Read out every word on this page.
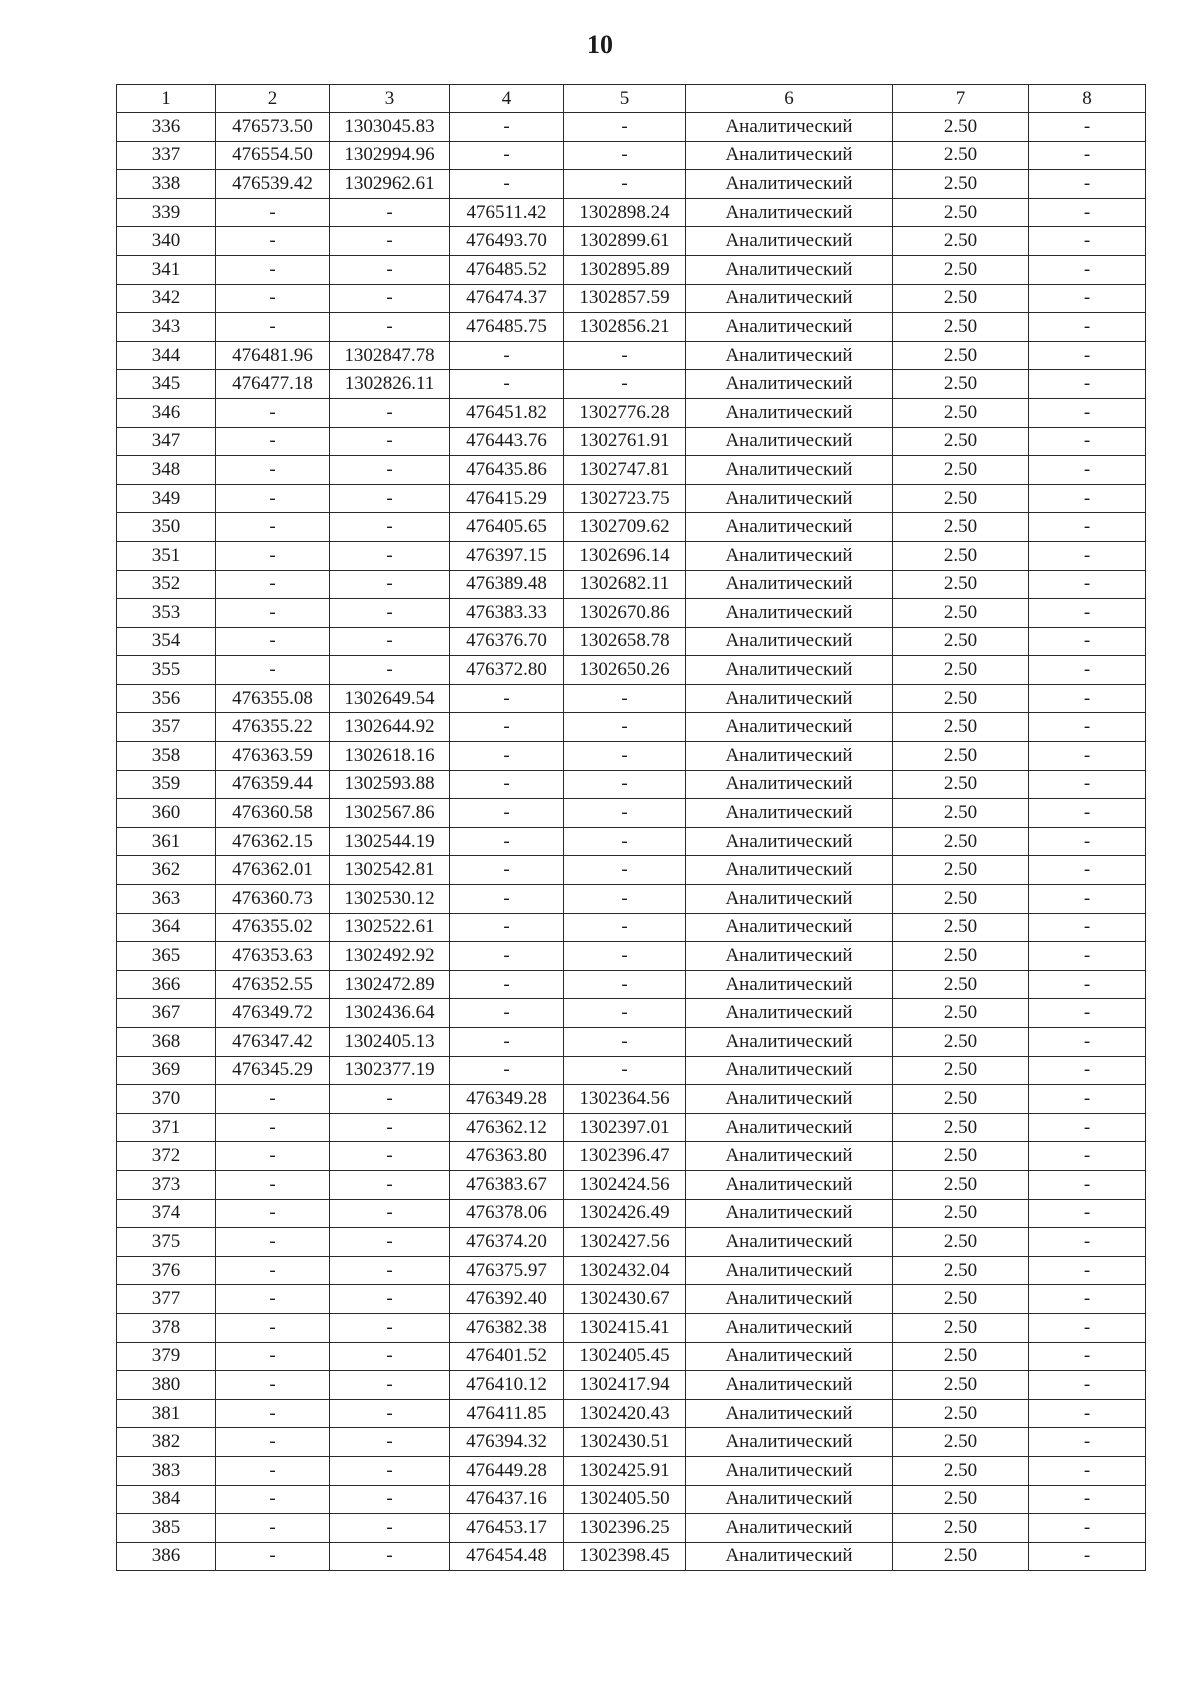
10
1	2	3	4	5	6	7	8
336	476573.50	1303045.83	-	-	Аналитический	2.50	-
337	476554.50	1302994.96	-	-	Аналитический	2.50	-
338	476539.42	1302962.61	-	-	Аналитический	2.50	-
339	-	-	476511.42	1302898.24	Аналитический	2.50	-
340	-	-	476493.70	1302899.61	Аналитический	2.50	-
341	-	-	476485.52	1302895.89	Аналитический	2.50	-
342	-	-	476474.37	1302857.59	Аналитический	2.50	-
343	-	-	476485.75	1302856.21	Аналитический	2.50	-
344	476481.96	1302847.78	-	-	Аналитический	2.50	-
345	476477.18	1302826.11	-	-	Аналитический	2.50	-
346	-	-	476451.82	1302776.28	Аналитический	2.50	-
347	-	-	476443.76	1302761.91	Аналитический	2.50	-
348	-	-	476435.86	1302747.81	Аналитический	2.50	-
349	-	-	476415.29	1302723.75	Аналитический	2.50	-
350	-	-	476405.65	1302709.62	Аналитический	2.50	-
351	-	-	476397.15	1302696.14	Аналитический	2.50	-
352	-	-	476389.48	1302682.11	Аналитический	2.50	-
353	-	-	476383.33	1302670.86	Аналитический	2.50	-
354	-	-	476376.70	1302658.78	Аналитический	2.50	-
355	-	-	476372.80	1302650.26	Аналитический	2.50	-
356	476355.08	1302649.54	-	-	Аналитический	2.50	-
357	476355.22	1302644.92	-	-	Аналитический	2.50	-
358	476363.59	1302618.16	-	-	Аналитический	2.50	-
359	476359.44	1302593.88	-	-	Аналитический	2.50	-
360	476360.58	1302567.86	-	-	Аналитический	2.50	-
361	476362.15	1302544.19	-	-	Аналитический	2.50	-
362	476362.01	1302542.81	-	-	Аналитический	2.50	-
363	476360.73	1302530.12	-	-	Аналитический	2.50	-
364	476355.02	1302522.61	-	-	Аналитический	2.50	-
365	476353.63	1302492.92	-	-	Аналитический	2.50	-
366	476352.55	1302472.89	-	-	Аналитический	2.50	-
367	476349.72	1302436.64	-	-	Аналитический	2.50	-
368	476347.42	1302405.13	-	-	Аналитический	2.50	-
369	476345.29	1302377.19	-	-	Аналитический	2.50	-
370	-	-	476349.28	1302364.56	Аналитический	2.50	-
371	-	-	476362.12	1302397.01	Аналитический	2.50	-
372	-	-	476363.80	1302396.47	Аналитический	2.50	-
373	-	-	476383.67	1302424.56	Аналитический	2.50	-
374	-	-	476378.06	1302426.49	Аналитический	2.50	-
375	-	-	476374.20	1302427.56	Аналитический	2.50	-
376	-	-	476375.97	1302432.04	Аналитический	2.50	-
377	-	-	476392.40	1302430.67	Аналитический	2.50	-
378	-	-	476382.38	1302415.41	Аналитический	2.50	-
379	-	-	476401.52	1302405.45	Аналитический	2.50	-
380	-	-	476410.12	1302417.94	Аналитический	2.50	-
381	-	-	476411.85	1302420.43	Аналитический	2.50	-
382	-	-	476394.32	1302430.51	Аналитический	2.50	-
383	-	-	476449.28	1302425.91	Аналитический	2.50	-
384	-	-	476437.16	1302405.50	Аналитический	2.50	-
385	-	-	476453.17	1302396.25	Аналитический	2.50	-
386	-	-	476454.48	1302398.45	Аналитический	2.50	-
